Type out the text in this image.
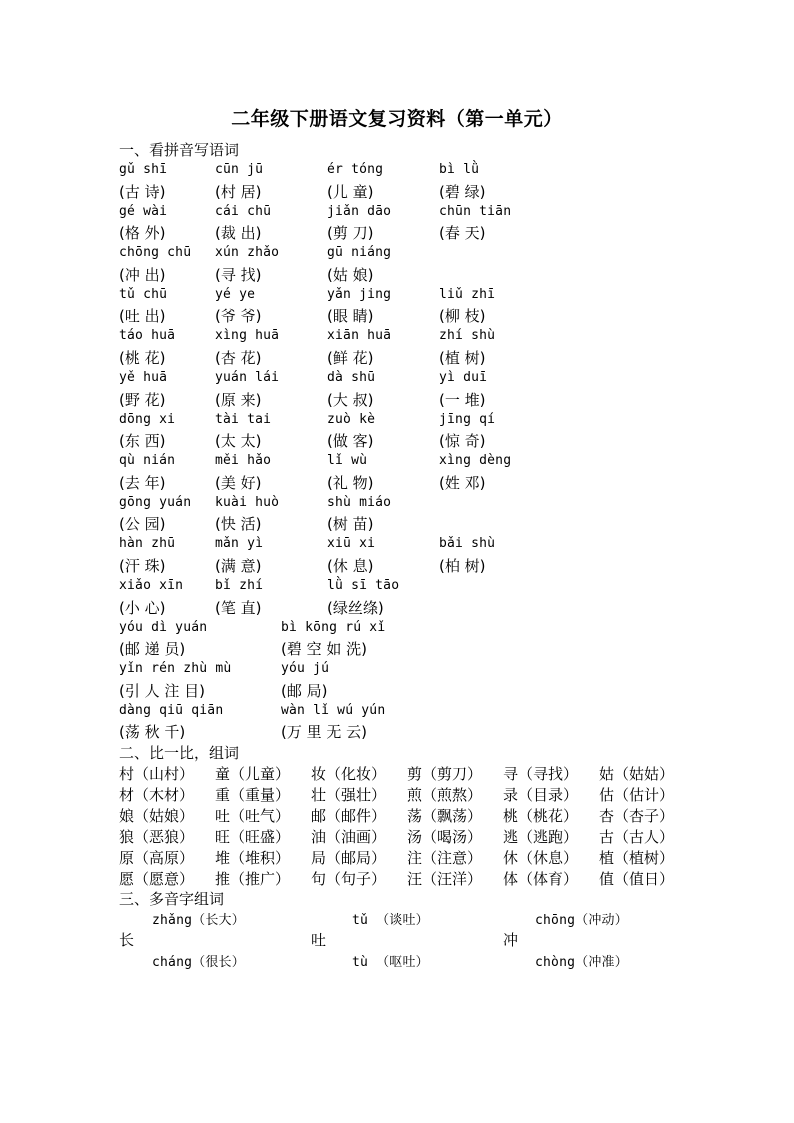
二年级下册语文复习资料（第一单元）
一、看拼音写语词
gǔ shī
(古 诗)
cūn jū
(村 居)
ér tóng
(儿 童)
bì lǜ
(碧 绿)
gé wài
(格 外)
cái chū
(裁 出)
jiǎn dāo
(剪 刀)
chūn tiān
(春 天)
chōng chū
(冲 出)
xún zhǎo
(寻 找)
gū niáng
(姑 娘)
tǔ chū
(吐 出)
yé ye
(爷 爷)
yǎn jing
(眼 睛)
liǔ zhī
(柳 枝)
táo huā
(桃 花)
xìng huā
(杏 花)
xiān huā
(鲜 花)
zhí shù
(植 树)
yě huā
(野 花)
yuán lái
(原 来)
dà shū
(大 叔)
yì duī
(一 堆)
dōng xi
(东 西)
tài tai
(太 太)
zuò kè
(做 客)
jīng qí
(惊 奇)
qù nián
(去 年)
měi hǎo
(美 好)
lǐ wù
(礼 物)
xìng dèng
(姓 邓)
gōng yuán
(公 园)
kuài huò
(快 活)
shù miáo
(树 苗)
hàn zhū
(汗 珠)
mǎn yì
(满 意)
xiū xi
(休 息)
bǎi shù
(柏 树)
xiǎo xīn
(小 心)
bǐ zhí
(笔 直)
lǜ sī tāo
(绿丝绦)
yóu dì yuán
(邮 递 员)
bì kōng rú xǐ
(碧 空 如 洗)
yǐn rén zhù mù
(引 人 注 目)
yóu jú
(邮 局)
dàng qiū qiān
(荡 秋 千)
wàn lǐ wú yún
(万 里 无 云)
二、比一比，组词
村（山村） 童（儿童） 妆（化妆） 剪（剪刀） 寻（寻找） 姑（姑姑）
材（木材） 重（重量） 壮（强壮） 煎（煎熬） 录（目录） 估（估计）
娘（姑娘） 吐（吐气） 邮（邮件） 荡（飘荡） 桃（桃花） 杏（杏子）
狼（恶狼） 旺（旺盛） 油（油画） 汤（喝汤） 逃（逃跑） 古（古人）
原（高原） 堆（堆积） 局（邮局） 注（注意） 休（休息） 植（植树）
愿（愿意） 推（推广） 句（句子） 汪（汪洋） 体（体育） 值（值日）
三、多音字组词
zhǎng（长大）
长
cháng（很长）
tǔ （谈吐）
吐
tù （呕吐）
chōng（冲动）
冲
chòng（冲准）
